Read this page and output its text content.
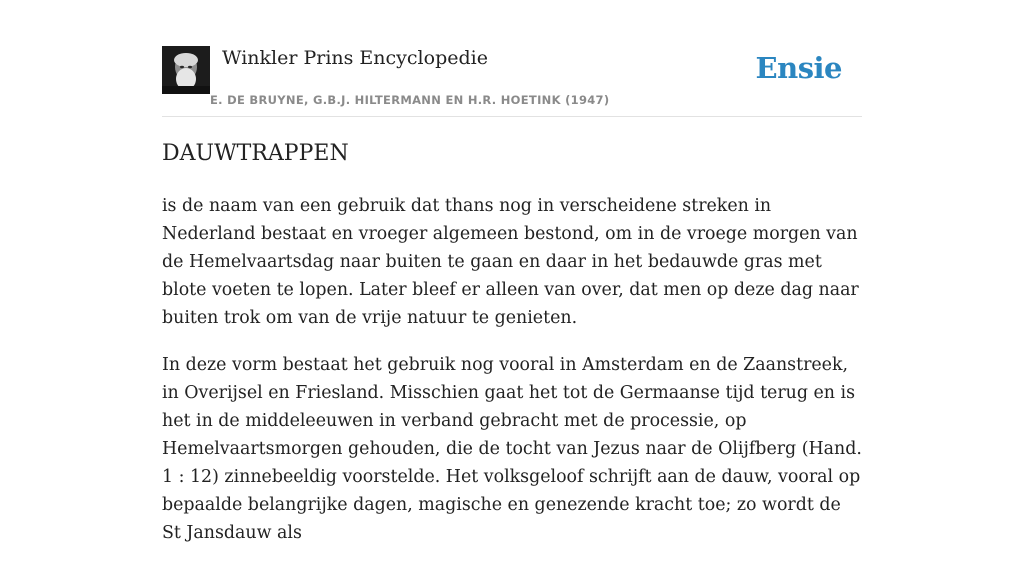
Winkler Prins Encyclopedie
E. DE BRUYNE, G.B.J. HILTERMANN EN H.R. HOETINK (1947)
Ensie
DAUWTRAPPEN

is de naam van een gebruik dat thans nog in verscheidene streken in Nederland bestaat en vroeger algemeen bestond, om in de vroege morgen van de Hemelvaartsdag naar buiten te gaan en daar in het bedauwde gras met blote voeten te lopen. Later bleef er alleen van over, dat men op deze dag naar buiten trok om van de vrije natuur te genieten.

In deze vorm bestaat het gebruik nog vooral in Amsterdam en de Zaanstreek, in Overijsel en Friesland. Misschien gaat het tot de Germaanse tijd terug en is het in de middeleeuwen in verband gebracht met de processie, op Hemelvaartsmorgen gehouden, die de tocht van Jezus naar de Olijfberg (Hand. 1 : 12) zinnebeeldig voorstelde. Het volksgeloof schrijft aan de dauw, vooral op bepaalde belangrijke dagen, magische en genezende kracht toe; zo wordt de St Jansdauw als
